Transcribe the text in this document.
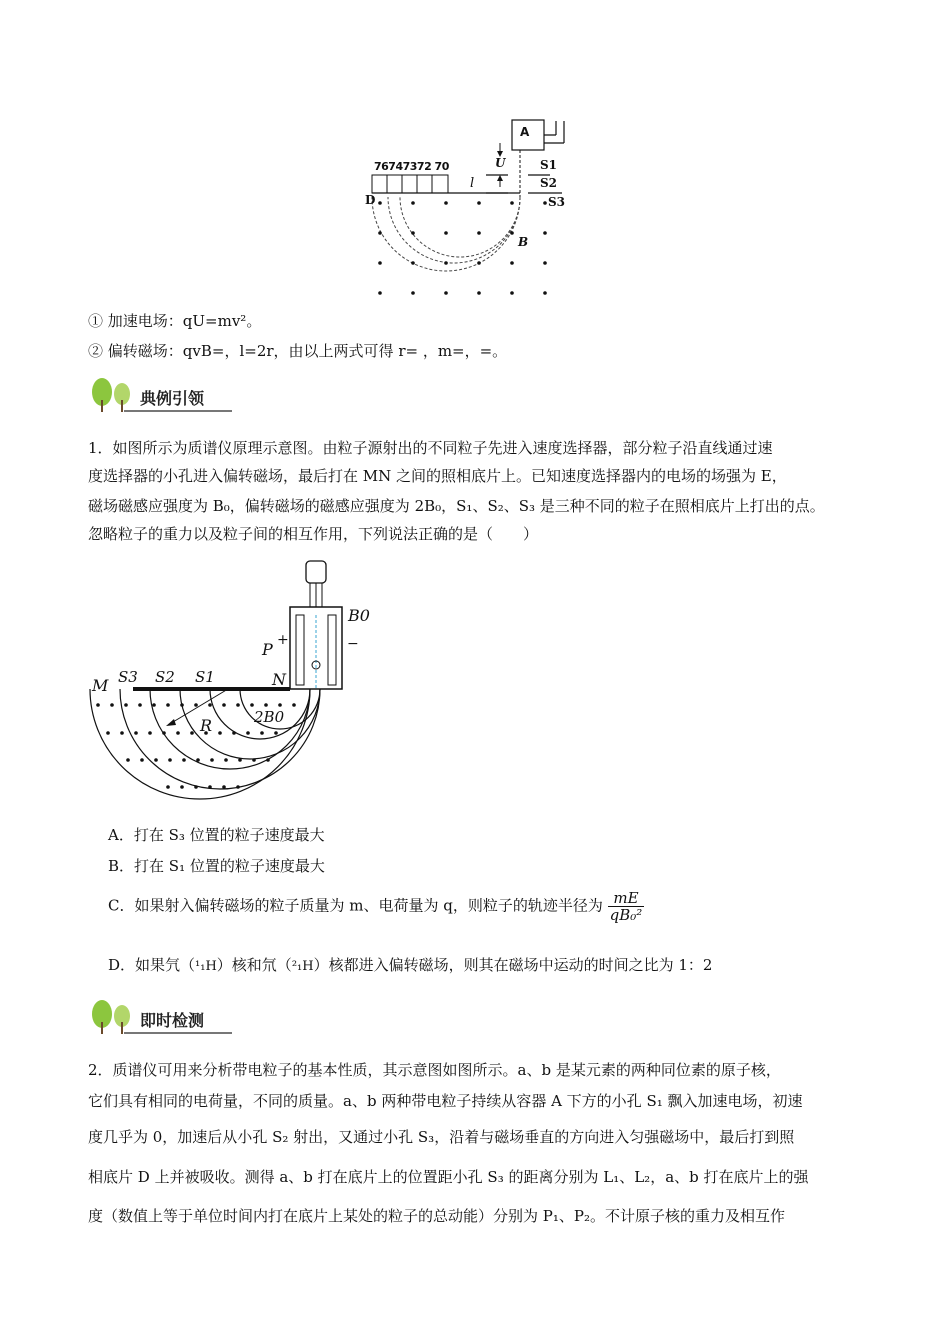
76747372 70
A
U	S1
S2
S3
l
D
B
① 加速电场：qU=mv²。
② 偏转磁场：qvB=，l=2r，由以上两式可得 r= ，m=，=。
典例引领
1．如图所示为质谱仪原理示意图。由粒子源射出的不同粒子先进入速度选择器，部分粒子沿直线通过速
度选择器的小孔进入偏转磁场，最后打在 MN 之间的照相底片上。已知速度选择器内的电场的场强为 E，
磁场磁感应强度为 B₀，偏转磁场的磁感应强度为 2B₀，S₁、S₂、S₃ 是三种不同的粒子在照相底片上打出的点。
忽略粒子的重力以及粒子间的相互作用，下列说法正确的是（　　）
M S3 S2 S1	N
P +	−
B0
R	2B0
A．打在 S₃ 位置的粒子速度最大
B．打在 S₁ 位置的粒子速度最大
C．如果射入偏转磁场的粒子质量为 m、电荷量为 q，则粒子的轨迹半径为 $\frac{mE}{\text{qB₀²}}$
D．如果氕（¹₁H）核和氘（²₁H）核都进入偏转磁场，则其在磁场中运动的时间之比为 1：2
即时检测
2．质谱仪可用来分析带电粒子的基本性质，其示意图如图所示。a、b 是某元素的两种同位素的原子核，
它们具有相同的电荷量，不同的质量。a、b 两种带电粒子持续从容器 A 下方的小孔 S₁ 飘入加速电场，初速
度几乎为 0，加速后从小孔 S₂ 射出，又通过小孔 S₃，沿着与磁场垂直的方向进入匀强磁场中，最后打到照
相底片 D 上并被吸收。测得 a、b 打在底片上的位置距小孔 S₃ 的距离分别为 L₁、L₂，a、b 打在底片上的强
度（数值上等于单位时间内打在底片上某处的粒子的总动能）分别为 P₁、P₂。不计原子核的重力及相互作
